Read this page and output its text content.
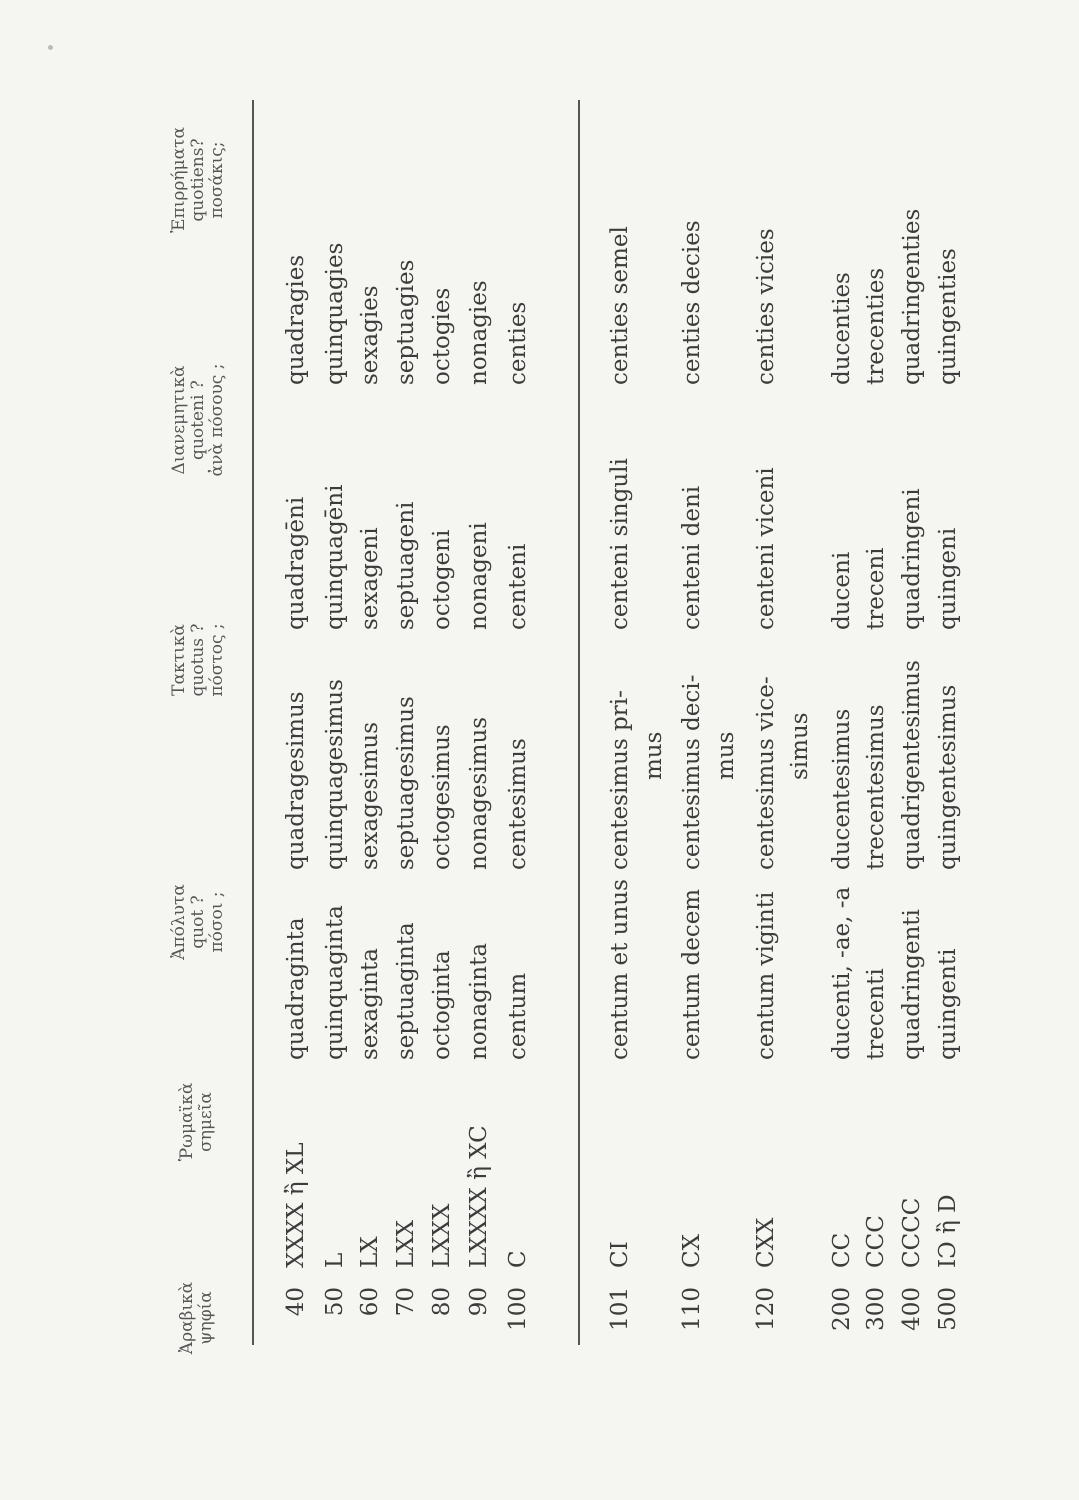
Ἀραβικὰ ψηφία
Ῥωμαϊκὰ σημεῖα
Ἀπόλυτα quot ? πόσοι ;
Τακτικὰ quotus ? πόστος ;
Διανεμητικὰ quoteni ? ἀνὰ πόσους ;
Ἐπιρρήματα quotiens? ποσάκις;
40
XXXX ἢ XL
quadraginta
quadragesimus
quadragēni
quadragies
50
L
quinquaginta
quinquagesimus
quinquagēni
quinquagies
60
LX
sexaginta
sexagesimus
sexageni
sexagies
70
LXX
septuaginta
septuagesimus
septuageni
septuagies
80
LXXX
octoginta
octogesimus
octogeni
octogies
90
LXXXX ἢ XC
nonaginta
nonagesimus
nonageni
nonagies
100
C
centum
centesimus
centeni
centies
101
CI
centum et unus
centesimus pri-
centeni singuli
centies semel
mus
110
CX
centum decem
centesimus deci-
centeni deni
centies decies
mus
120
CXX
centum viginti
centesimus vice-
centeni viceni
centies vicies
simus
200
CC
ducenti, -ae, -a
ducentesimus
duceni
ducenties
300
CCC
trecenti
trecentesimus
treceni
trecenties
400
CCCC
quadringenti
quadrigentesimus
quadringeni
quadringenties
500
IƆ ἢ D
quingenti
quingentesimus
quingeni
quingenties
